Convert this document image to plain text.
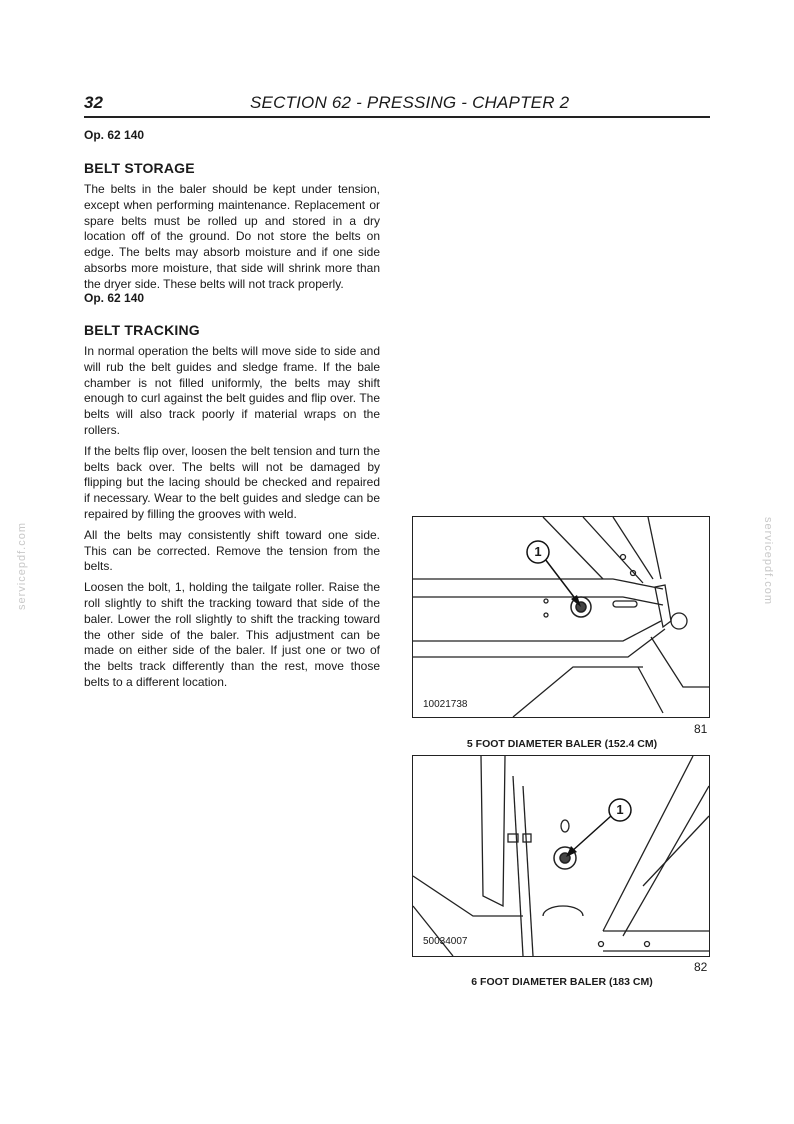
32	SECTION 62 - PRESSING - CHAPTER 2
Op. 62 140
BELT STORAGE

The belts in the baler should be kept under tension, except when performing maintenance. Replacement or spare belts must be rolled up and stored in a dry location off of the ground. Do not store the belts on edge. The belts may absorb moisture and if one side absorbs more moisture, that side will shrink more than the dryer side. These belts will not track properly.

Op. 62 140
BELT TRACKING

In normal operation the belts will move side to side and will rub the belt guides and sledge frame. If the bale chamber is not filled uniformly, the belts may shift enough to curl against the belt guides and flip over. The belts will also track poorly if material wraps on the rollers.

If the belts flip over, loosen the belt tension and turn the belts back over. The belts will not be damaged by flipping but the lacing should be checked and repaired if necessary. Wear to the belt guides and sledge can be repaired by filling the grooves with weld.

All the belts may consistently shift toward one side. This can be corrected. Remove the tension from the belts.

Loosen the bolt, 1, holding the tailgate roller. Raise the roll slightly to shift the tracking toward that side of the baler. Lower the roll slightly to shift the tracking toward the other side of the baler. This adjustment can be made on either side of the baler. If just one or two of the belts track differently than the rest, move those belts to a different location.

1
10021738
81
5 FOOT DIAMETER BALER (152.4 CM)
1
50034007
82
6 FOOT DIAMETER BALER (183 CM)
servicepdf.com	servicepdf.com
